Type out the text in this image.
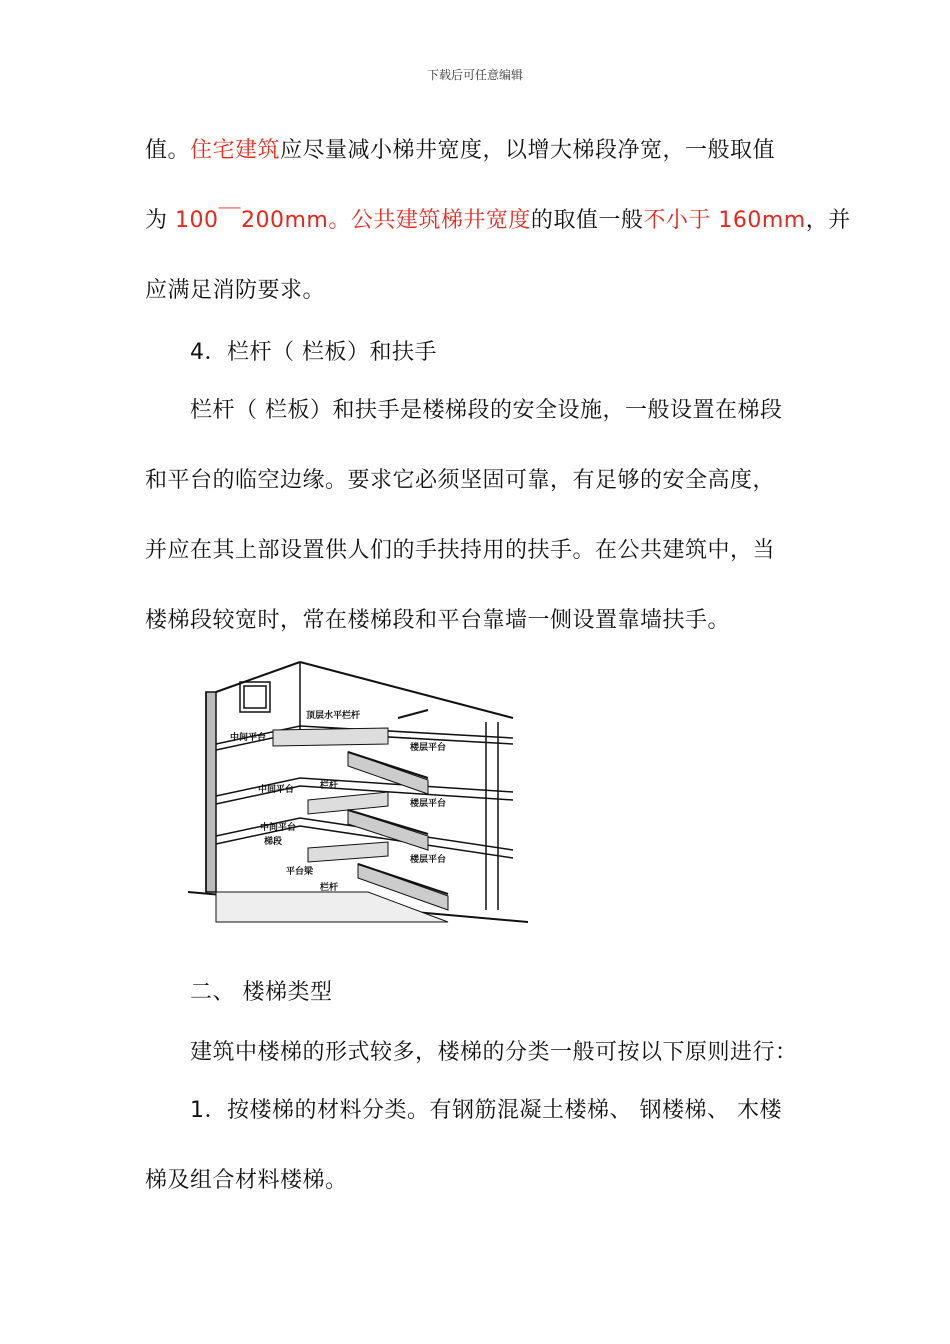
下载后可任意编辑
值。住宅建筑应尽量减小梯井宽度，以增大梯段净宽，一般取值
为 100￣200mm。公共建筑梯井宽度的取值一般不小于 160mm，并
应满足消防要求。
4．栏杆（ 栏板）和扶手
栏杆（ 栏板）和扶手是楼梯段的安全设施，一般设置在梯段
和平台的临空边缘。要求它必须坚固可靠，有足够的安全高度，
并应在其上部设置供人们的手扶持用的扶手。在公共建筑中，当
楼梯段较宽时，常在楼梯段和平台靠墙一侧设置靠墙扶手。
顶层水平栏杆
中间平台
楼层平台
中间平台	栏杆
楼层平台
中间平台
梯段
楼层平台
平台梁
栏杆
二、 楼梯类型
建筑中楼梯的形式较多，楼梯的分类一般可按以下原则进行：
1．按楼梯的材料分类。有钢筋混凝土楼梯、 钢楼梯、 木楼
梯及组合材料楼梯。
